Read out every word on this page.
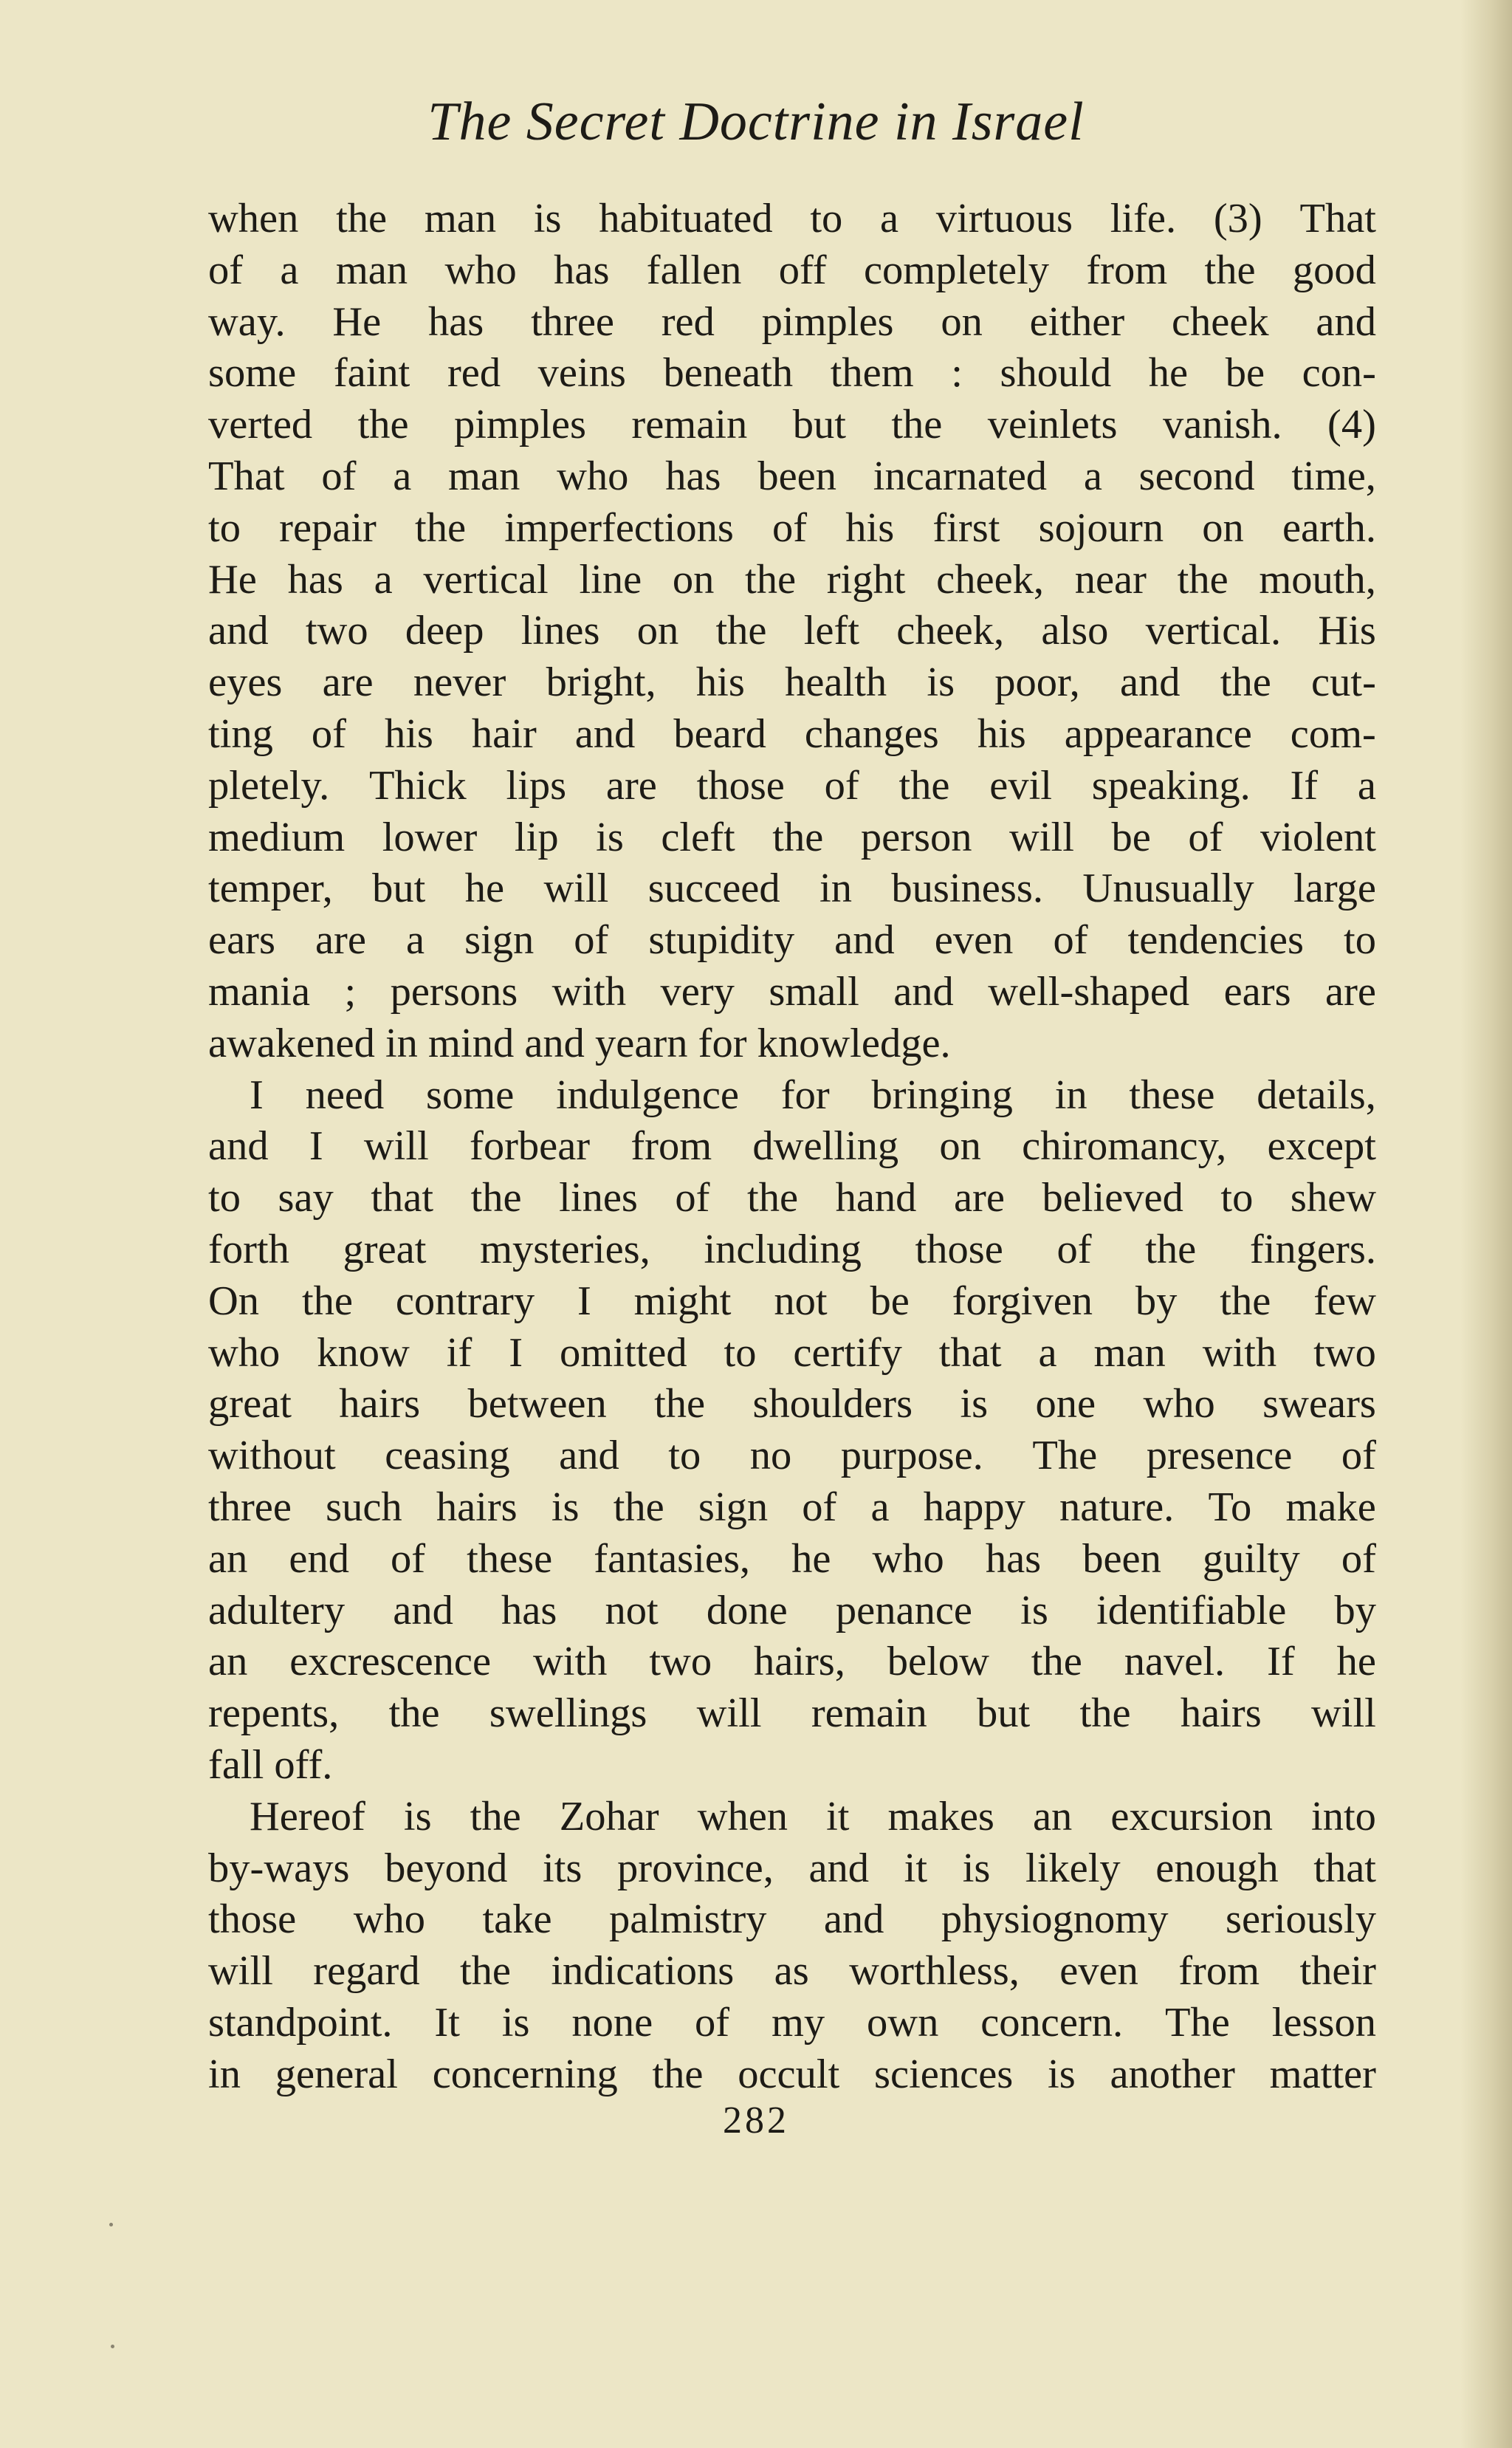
The Secret Doctrine in Israel
when the man is habituated to a virtuous life. (3) That
of a man who has fallen off completely from the good
way. He has three red pimples on either cheek and
some faint red veins beneath them : should he be con-
verted the pimples remain but the veinlets vanish. (4)
That of a man who has been incarnated a second time,
to repair the imperfections of his first sojourn on earth.
He has a vertical line on the right cheek, near the mouth,
and two deep lines on the left cheek, also vertical. His
eyes are never bright, his health is poor, and the cut-
ting of his hair and beard changes his appearance com-
pletely. Thick lips are those of the evil speaking. If a
medium lower lip is cleft the person will be of violent
temper, but he will succeed in business. Unusually large
ears are a sign of stupidity and even of tendencies to
mania ; persons with very small and well-shaped ears are
awakened in mind and yearn for knowledge.
I need some indulgence for bringing in these details,
and I will forbear from dwelling on chiromancy, except
to say that the lines of the hand are believed to shew
forth great mysteries, including those of the fingers.
On the contrary I might not be forgiven by the few
who know if I omitted to certify that a man with two
great hairs between the shoulders is one who swears
without ceasing and to no purpose. The presence of
three such hairs is the sign of a happy nature. To make
an end of these fantasies, he who has been guilty of
adultery and has not done penance is identifiable by
an excrescence with two hairs, below the navel. If he
repents, the swellings will remain but the hairs will
fall off.
Hereof is the Zohar when it makes an excursion into
by-ways beyond its province, and it is likely enough that
those who take palmistry and physiognomy seriously
will regard the indications as worthless, even from their
standpoint. It is none of my own concern. The lesson
in general concerning the occult sciences is another matter
282
